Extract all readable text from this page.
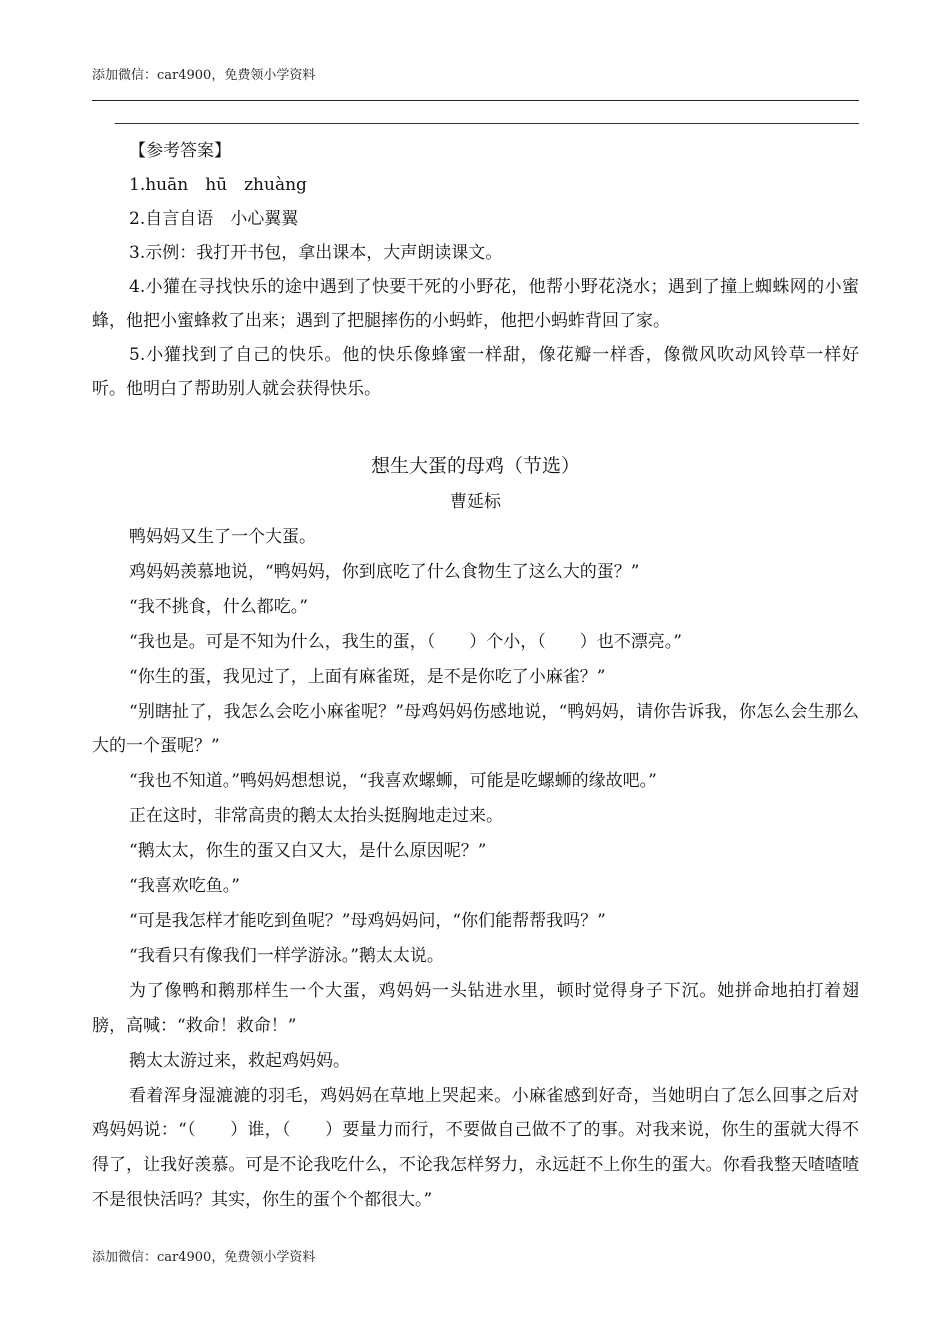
添加微信：car4900，免费领小学资料

【参考答案】

1.huān　hū　zhuàng

2.自言自语　小心翼翼

3.示例：我打开书包，拿出课本，大声朗读课文。

4.小獾在寻找快乐的途中遇到了快要干死的小野花，他帮小野花浇水；遇到了撞上蜘蛛网的小蜜蜂，他把小蜜蜂救了出来；遇到了把腿摔伤的小蚂蚱，他把小蚂蚱背回了家。

5.小獾找到了自己的快乐。他的快乐像蜂蜜一样甜，像花瓣一样香，像微风吹动风铃草一样好听。他明白了帮助别人就会获得快乐。

想生大蛋的母鸡（节选）
曹延标

鸭妈妈又生了一个大蛋。

鸡妈妈羡慕地说，“鸭妈妈，你到底吃了什么食物生了这么大的蛋？”

“我不挑食，什么都吃。”

“我也是。可是不知为什么，我生的蛋，（　　）个小，（　　）也不漂亮。”

“你生的蛋，我见过了，上面有麻雀斑，是不是你吃了小麻雀？”

“别瞎扯了，我怎么会吃小麻雀呢？”母鸡妈妈伤感地说，“鸭妈妈，请你告诉我，你怎么会生那么大的一个蛋呢？”

“我也不知道。”鸭妈妈想想说，“我喜欢螺蛳，可能是吃螺蛳的缘故吧。”

正在这时，非常高贵的鹅太太抬头挺胸地走过来。

“鹅太太，你生的蛋又白又大，是什么原因呢？”

“我喜欢吃鱼。”

“可是我怎样才能吃到鱼呢？”母鸡妈妈问，“你们能帮帮我吗？”

“我看只有像我们一样学游泳。”鹅太太说。

为了像鸭和鹅那样生一个大蛋，鸡妈妈一头钻进水里，顿时觉得身子下沉。她拼命地拍打着翅膀，高喊：“救命！救命！”

鹅太太游过来，救起鸡妈妈。

看着浑身湿漉漉的羽毛，鸡妈妈在草地上哭起来。小麻雀感到好奇，当她明白了怎么回事之后对鸡妈妈说：“（　　）谁，（　　）要量力而行，不要做自己做不了的事。对我来说，你生的蛋就大得不得了，让我好羡慕。可是不论我吃什么，不论我怎样努力，永远赶不上你生的蛋大。你看我整天喳喳喳不是很快活吗？其实，你生的蛋个个都很大。”

添加微信：car4900，免费领小学资料
